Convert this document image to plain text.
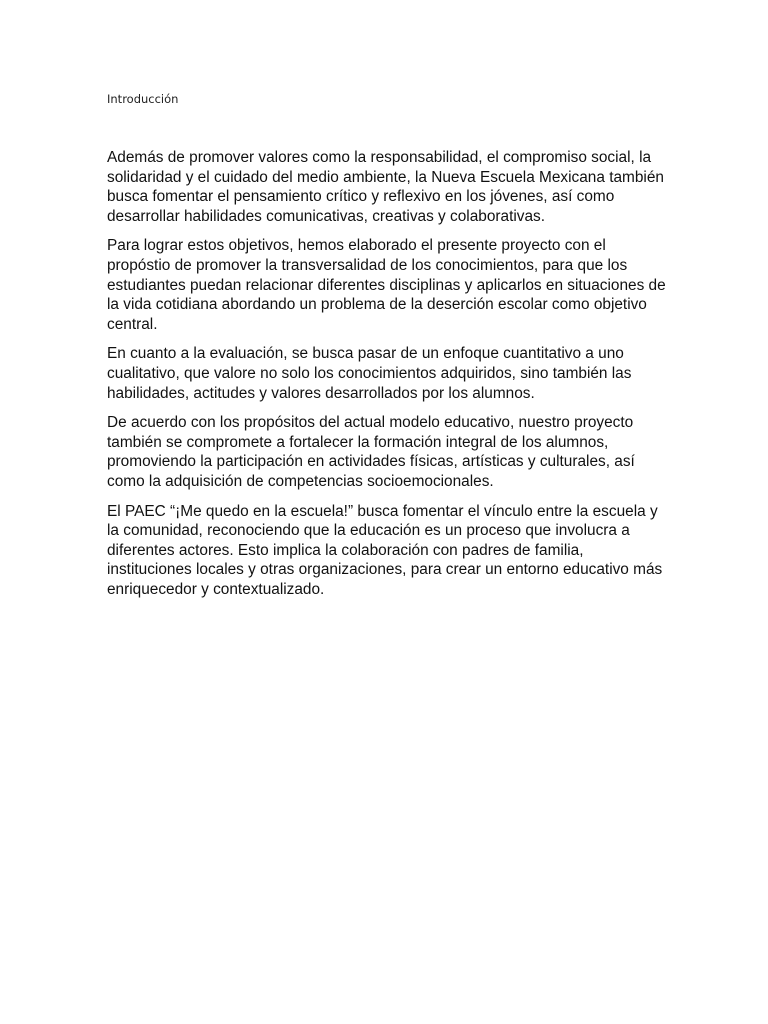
Introducción

Además de promover valores como la responsabilidad, el compromiso social, la solidaridad y el cuidado del medio ambiente, la Nueva Escuela Mexicana también busca fomentar el pensamiento crítico y reflexivo en los jóvenes, así como desarrollar habilidades comunicativas, creativas y colaborativas.

Para lograr estos objetivos, hemos elaborado el presente proyecto con el propóstio de promover la transversalidad de los conocimientos, para que los estudiantes puedan relacionar diferentes disciplinas y aplicarlos en situaciones de la vida cotidiana abordando un problema de la deserción escolar como objetivo central.

En cuanto a la evaluación, se busca pasar de un enfoque cuantitativo a uno cualitativo, que valore no solo los conocimientos adquiridos, sino también las habilidades, actitudes y valores desarrollados por los alumnos.

De acuerdo con los propósitos del actual modelo educativo, nuestro proyecto también se compromete a fortalecer la formación integral de los alumnos, promoviendo la participación en actividades físicas, artísticas y culturales, así como la adquisición de competencias socioemocionales.

El PAEC “¡Me quedo en la escuela!” busca fomentar el vínculo entre la escuela y la comunidad, reconociendo que la educación es un proceso que involucra a diferentes actores. Esto implica la colaboración con padres de familia, instituciones locales y otras organizaciones, para crear un entorno educativo más enriquecedor y contextualizado.
